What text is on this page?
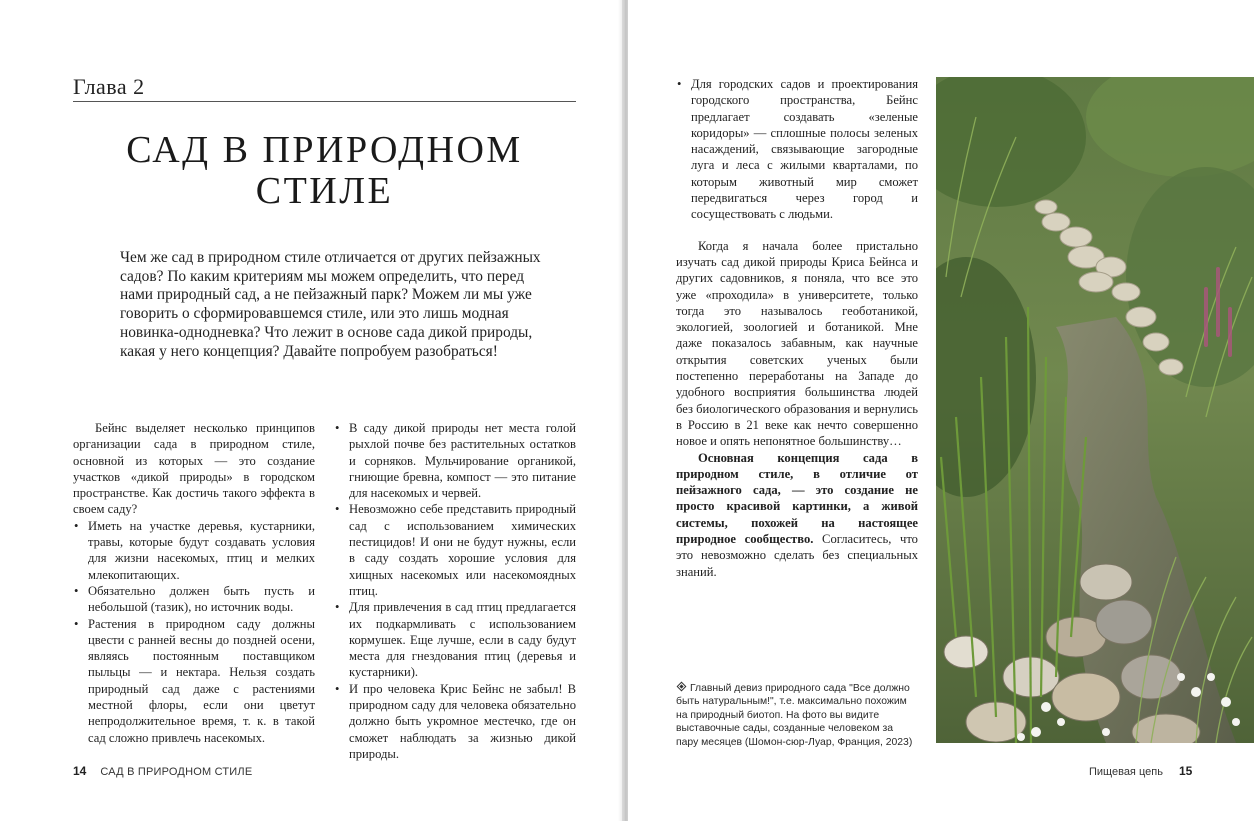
Глава 2
САД В ПРИРОДНОМ
СТИЛЕ

Чем же сад в природном стиле отличается от других пейзажных садов? По каким критериям мы можем определить, что перед нами природный сад, а не пейзажный парк? Можем ли мы уже говорить о сформировавшемся стиле, или это лишь модная новинка-однодневка? Что лежит в основе сада дикой природы, какая у него концепция? Давайте попробуем разобраться!

Бейнс выделяет несколько принципов организации сада в природном стиле, основной из которых — это создание участков «дикой природы» в городском пространстве. Как достичь такого эффекта в своем саду?

• Иметь на участке деревья, кустарники, травы, которые будут создавать условия для жизни насекомых, птиц и мелких млекопитающих.
• Обязательно должен быть пусть и небольшой (тазик), но источник воды.
• Растения в природном саду должны цвести с ранней весны до поздней осени, являясь постоянным поставщиком пыльцы — и нектара. Нельзя создать природный сад даже с растениями местной флоры, если они цветут непродолжительное время, т. к. в такой сад сложно привлечь насекомых.
• В саду дикой природы нет места голой рыхлой почве без растительных остатков и сорняков. Мульчирование органикой, гниющие бревна, компост — это питание для насекомых и червей.
• Невозможно себе представить природный сад с использованием химических пестицидов! И они не будут нужны, если в саду создать хорошие условия для хищных насекомых или насекомоядных птиц.
• Для привлечения в сад птиц предлагается их подкармливать с использованием кормушек. Еще лучше, если в саду будут места для гнездования птиц (деревья и кустарники).
• И про человека Крис Бейнс не забыл! В природном саду для человека обязательно должно быть укромное местечко, где он сможет наблюдать за жизнью дикой природы.
14 САД В ПРИРОДНОМ СТИЛЕ
• Для городских садов и проектирования городского пространства, Бейнс предлагает создавать «зеленые коридоры» — сплошные полосы зеленых насаждений, связывающие загородные луга и леса с жилыми кварталами, по которым животный мир сможет передвигаться через город и сосуществовать с людьми.

Когда я начала более пристально изучать сад дикой природы Криса Бейнса и других садовников, я поняла, что все это уже «проходила» в университете, только тогда это называлось геоботаникой, экологией, зоологией и ботаникой. Мне даже показалось забавным, как научные открытия советских ученых были постепенно переработаны на Западе до удобного восприятия большинства людей без биологического образования и вернулись в Россию в 21 веке как нечто совершенно новое и опять непонятное большинству…

Основная концепция сада в природном стиле, в отличие от пейзажного сада, — это создание не просто красивой картинки, а живой системы, похожей на настоящее природное сообщество. Согласитесь, что это невозможно сделать без специальных знаний.

Главный девиз природного сада "Все должно быть натуральным!", т.е. максимально похожим на природный биотоп. На фото вы видите выставочные сады, созданные человеком за пару месяцев (Шомон-сюр-Луар, Франция, 2023)
Пищевая цепь 15
